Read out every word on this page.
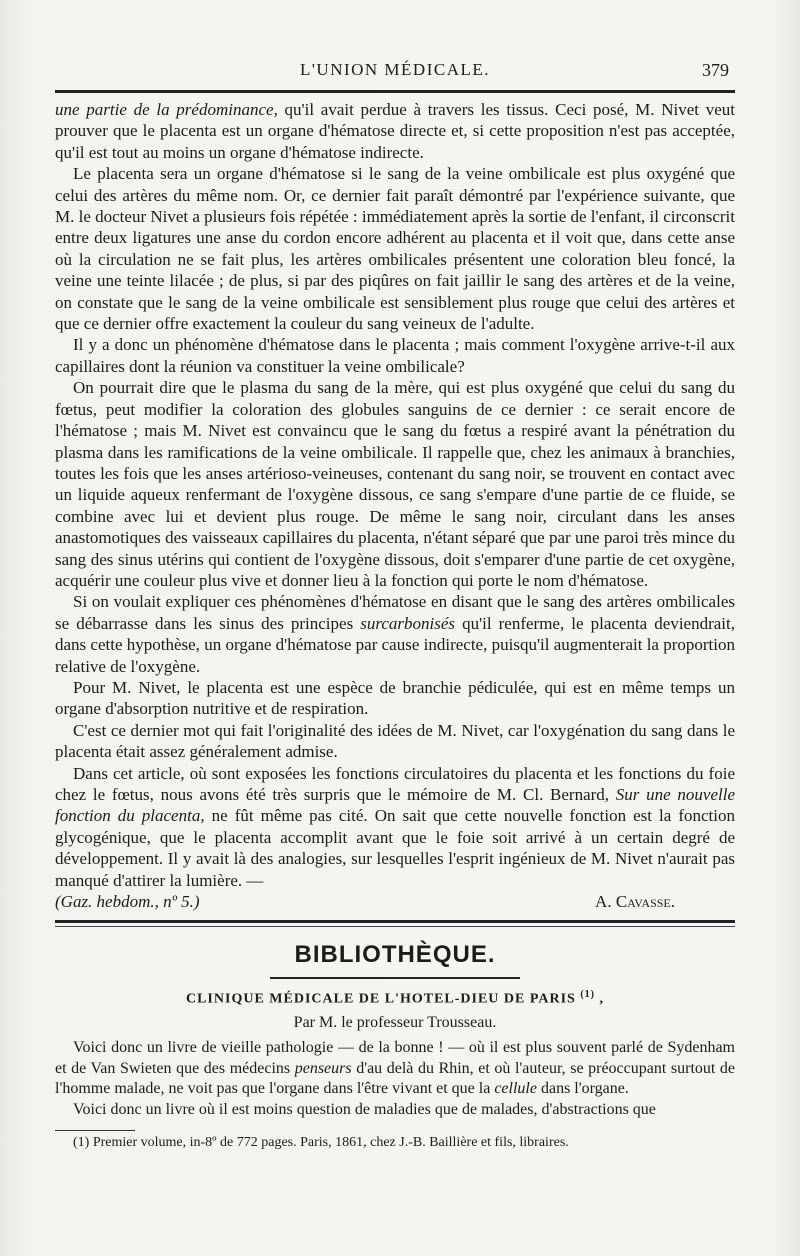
L'UNION MÉDICALE.	379

une partie de la prédominance, qu'il avait perdue à travers les tissus. Ceci posé, M. Nivet veut prouver que le placenta est un organe d'hématose directe et, si cette proposition n'est pas acceptée, qu'il est tout au moins un organe d'hématose indirecte.

Le placenta sera un organe d'hématose si le sang de la veine ombilicale est plus oxygéné que celui des artères du même nom. Or, ce dernier fait paraît démontré par l'expérience suivante, que M. le docteur Nivet a plusieurs fois répétée : immédiatement après la sortie de l'enfant, il circonscrit entre deux ligatures une anse du cordon encore adhérent au placenta et il voit que, dans cette anse où la circulation ne se fait plus, les artères ombilicales présentent une coloration bleu foncé, la veine une teinte lilacée ; de plus, si par des piqûres on fait jaillir le sang des artères et de la veine, on constate que le sang de la veine ombilicale est sensiblement plus rouge que celui des artères et que ce dernier offre exactement la couleur du sang veineux de l'adulte.

Il y a donc un phénomène d'hématose dans le placenta ; mais comment l'oxygène arrive-t-il aux capillaires dont la réunion va constituer la veine ombilicale?

On pourrait dire que le plasma du sang de la mère, qui est plus oxygéné que celui du sang du fœtus, peut modifier la coloration des globules sanguins de ce dernier : ce serait encore de l'hématose ; mais M. Nivet est convaincu que le sang du fœtus a respiré avant la pénétration du plasma dans les ramifications de la veine ombilicale. Il rappelle que, chez les animaux à branchies, toutes les fois que les anses artérioso-veineuses, contenant du sang noir, se trouvent en contact avec un liquide aqueux renfermant de l'oxygène dissous, ce sang s'empare d'une partie de ce fluide, se combine avec lui et devient plus rouge. De même le sang noir, circulant dans les anses anastomotiques des vaisseaux capillaires du placenta, n'étant séparé que par une paroi très mince du sang des sinus utérins qui contient de l'oxygène dissous, doit s'emparer d'une partie de cet oxygène, acquérir une couleur plus vive et donner lieu à la fonction qui porte le nom d'hématose.

Si on voulait expliquer ces phénomènes d'hématose en disant que le sang des artères ombilicales se débarrasse dans les sinus des principes surcarbonisés qu'il renferme, le placenta deviendrait, dans cette hypothèse, un organe d'hématose par cause indirecte, puisqu'il augmenterait la proportion relative de l'oxygène.

Pour M. Nivet, le placenta est une espèce de branchie pédiculée, qui est en même temps un organe d'absorption nutritive et de respiration.

C'est ce dernier mot qui fait l'originalité des idées de M. Nivet, car l'oxygénation du sang dans le placenta était assez généralement admise.

Dans cet article, où sont exposées les fonctions circulatoires du placenta et les fonctions du foie chez le fœtus, nous avons été très surpris que le mémoire de M. Cl. Bernard, Sur une nouvelle fonction du placenta, ne fût même pas cité. On sait que cette nouvelle fonction est la fonction glycogénique, que le placenta accomplit avant que le foie soit arrivé à un certain degré de développement. Il y avait là des analogies, sur lesquelles l'esprit ingénieux de M. Nivet n'aurait pas manqué d'attirer la lumière. —

(Gaz. hebdom., nº 5.)	A. Cavasse.
BIBLIOTHÈQUE.
CLINIQUE MÉDICALE DE L'HOTEL-DIEU DE PARIS $^{(1)}$ ,
Par M. le professeur Trousseau.

Voici donc un livre de vieille pathologie — de la bonne ! — où il est plus souvent parlé de Sydenham et de Van Swieten que des médecins penseurs d'au delà du Rhin, et où l'auteur, se préoccupant surtout de l'homme malade, ne voit pas que l'organe dans l'être vivant et que la cellule dans l'organe.

Voici donc un livre où il est moins question de maladies que de malades, d'abstractions que

(1) Premier volume, in-8º de 772 pages. Paris, 1861, chez J.-B. Baillière et fils, libraires.
